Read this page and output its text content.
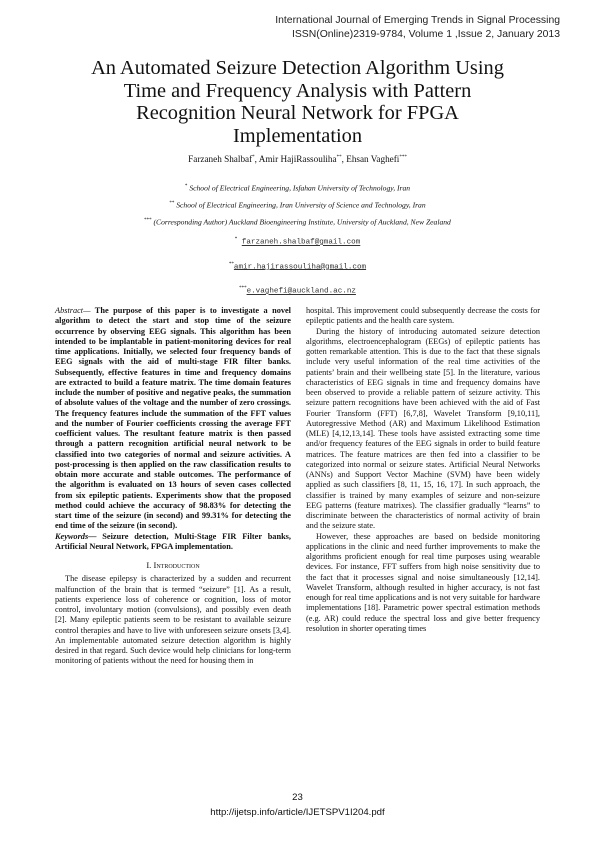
International Journal of Emerging Trends in Signal Processing
ISSN(Online)2319-9784, Volume 1 ,Issue 2, January 2013
An Automated Seizure Detection Algorithm Using
Time and Frequency Analysis with Pattern
Recognition Neural Network for FPGA
Implementation
Farzaneh Shalbaf*, Amir HajiRassouliha**, Ehsan Vaghefi***
* School of Electrical Engineering, Isfahan University of Technology, Iran
** School of Electrical Engineering, Iran University of Science and Technology, Iran
*** (Corresponding Author) Auckland Bioengineering Institute, University of Auckland, New Zealand
* farzaneh.shalbaf@gmail.com
**amir.hajirassouliha@gmail.com
***e.vaghefi@auckland.ac.nz

Abstract— The purpose of this paper is to investigate a novel algorithm to detect the start and stop time of the seizure occurrence by observing EEG signals. This algorithm has been intended to be implantable in patient-monitoring devices for real time applications. Initially, we selected four frequency bands of EEG signals with the aid of multi-stage FIR filter banks. Subsequently, effective features in time and frequency domains are extracted to build a feature matrix. The time domain features include the number of positive and negative peaks, the summation of absolute values of the voltage and the number of zero crossings. The frequency features include the summation of the FFT values and the number of Fourier coefficients crossing the average FFT coefficient values. The resultant feature matrix is then passed through a pattern recognition artificial neural network to be classified into two categories of normal and seizure activities. A post-processing is then applied on the raw classification results to obtain more accurate and stable outcomes. The performance of the algorithm is evaluated on 13 hours of seven cases collected from six epileptic patients. Experiments show that the proposed method could achieve the accuracy of 98.83% for detecting the start time of the seizure (in second) and 99.31% for detecting the end time of the seizure (in second).

Keywords— Seizure detection, Multi-Stage FIR Filter banks, Artificial Neural Network, FPGA implementation.

I. Introduction

The disease epilepsy is characterized by a sudden and recurrent malfunction of the brain that is termed “seizure” [1]. As a result, patients experience loss of coherence or cognition, loss of motor control, involuntary motion (convulsions), and possibly even death [2]. Many epileptic patients seem to be resistant to available seizure control therapies and have to live with unforeseen seizure onsets [3,4]. An implementable automated seizure detection algorithm is highly desired in that regard. Such device would help clinicians for long-term monitoring of patients without the need for housing them in

hospital. This improvement could subsequently decrease the costs for epileptic patients and the health care system.

During the history of introducing automated seizure detection algorithms, electroencephalogram (EEGs) of epileptic patients has gotten remarkable attention. This is due to the fact that these signals include very useful information of the real time activities of the patients’ brain and their wellbeing state [5]. In the literature, various characteristics of EEG signals in time and frequency domains have been observed to provide a reliable pattern of seizure activity. This seizure pattern recognitions have been achieved with the aid of Fast Fourier Transform (FFT) [6,7,8], Wavelet Transform [9,10,11], Autoregressive Method (AR) and Maximum Likelihood Estimation (MLE) [4,12,13,14]. These tools have assisted extracting some time and/or frequency features of the EEG signals in order to build feature matrices. The feature matrices are then fed into a classifier to be categorized into normal or seizure states. Artificial Neural Networks (ANNs) and Support Vector Machine (SVM) have been widely applied as such classifiers [8, 11, 15, 16, 17]. In such approach, the classifier is trained by many examples of seizure and non-seizure EEG patterns (feature matrixes). The classifier gradually “learns” to discriminate between the characteristics of normal activity of brain and the seizure state.

However, these approaches are based on bedside monitoring applications in the clinic and need further improvements to make the algorithms proficient enough for real time purposes using wearable devices. For instance, FFT suffers from high noise sensitivity due to the fact that it processes signal and noise simultaneously [12,14]. Wavelet Transform, although resulted in higher accuracy, is not fast enough for real time applications and is not very suitable for hardware implementations [18]. Parametric power spectral estimation methods (e.g. AR) could reduce the spectral loss and give better frequency resolution in shorter operating times

23
http://ijetsp.info/article/IJETSPV1I204.pdf
